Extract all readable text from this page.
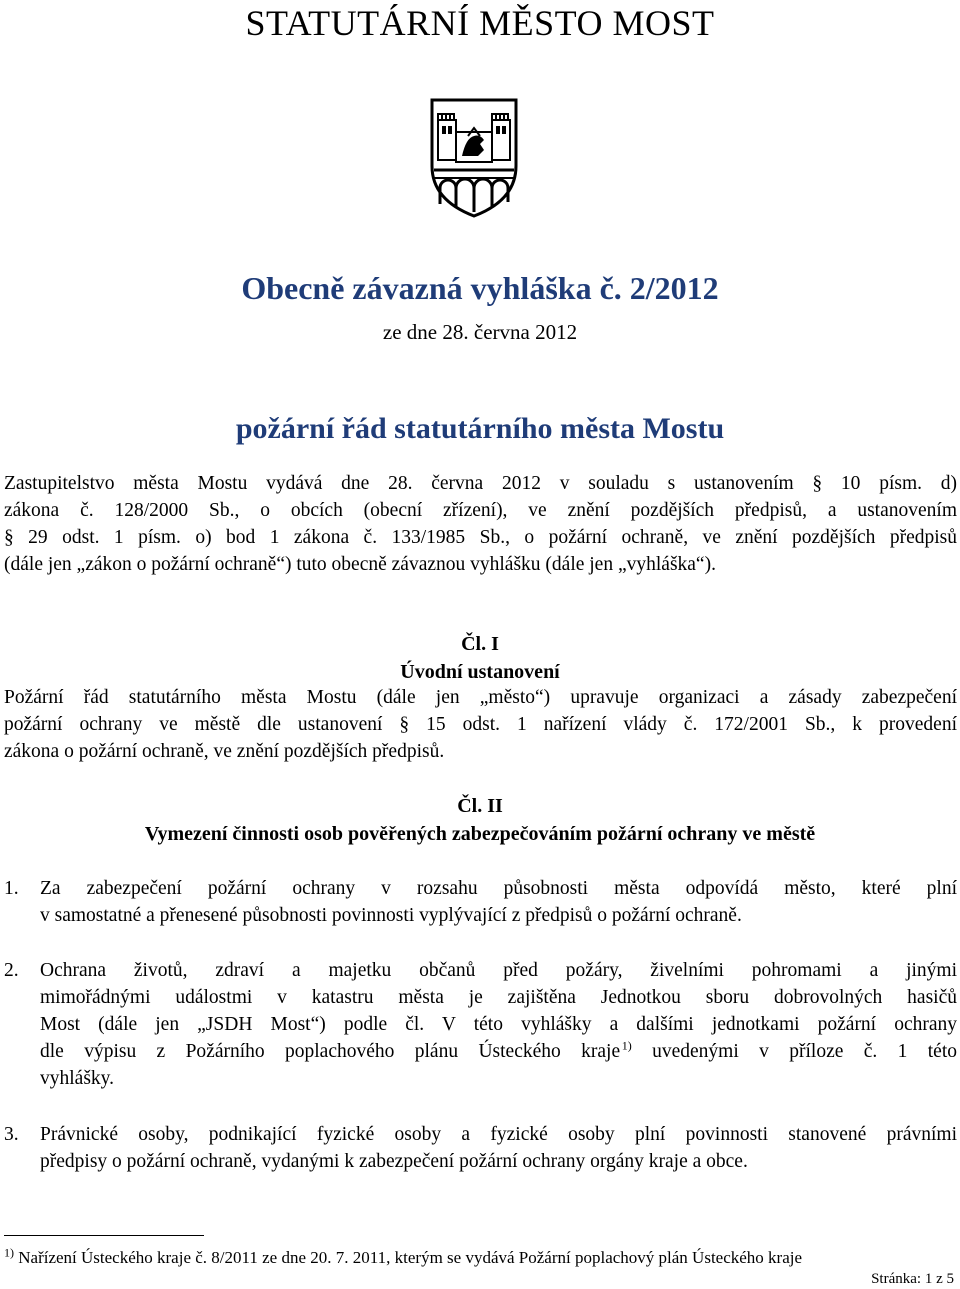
STATUTÁRNÍ MĚSTO MOST
Obecně závazná vyhláška č. 2/2012
ze dne 28. června 2012
požární řád statutárního města Mostu
Zastupitelstvo města Mostu vydává dne 28. června 2012 v souladu s ustanovením § 10 písm. d)
zákona č. 128/2000 Sb., o obcích (obecní zřízení), ve znění pozdějších předpisů, a ustanovením
§ 29 odst. 1 písm. o) bod 1 zákona č. 133/1985 Sb., o požární ochraně, ve znění pozdějších předpisů
(dále jen „zákon o požární ochraně“) tuto obecně závaznou vyhlášku (dále jen „vyhláška“).
Čl. I
Úvodní ustanovení
Požární řád statutárního města Mostu (dále jen „město“) upravuje organizaci a zásady zabezpečení
požární ochrany ve městě dle ustanovení § 15 odst. 1 nařízení vlády č. 172/2001 Sb., k provedení
zákona o požární ochraně, ve znění pozdějších předpisů.
Čl. II
Vymezení činnosti osob pověřených zabezpečováním požární ochrany ve městě
1.	Za zabezpečení požární ochrany v rozsahu působnosti města odpovídá město, které plní
v samostatné a přenesené působnosti povinnosti vyplývající z předpisů o požární ochraně.
2.	Ochrana životů, zdraví a majetku občanů před požáry, živelními pohromami a jinými
mimořádnými událostmi v katastru města je zajištěna Jednotkou sboru dobrovolných hasičů
Most (dále jen „JSDH Most“) podle čl. V této vyhlášky a dalšími jednotkami požární ochrany
dle výpisu z Požárního poplachového plánu Ústeckého kraje  $^{1)}$ uvedenými v příloze č. 1 této
vyhlášky.
3.	Právnické osoby, podnikající fyzické osoby a fyzické osoby plní povinnosti stanovené právními
předpisy o požární ochraně, vydanými k zabezpečení požární ochrany orgány kraje a obce.
$^{1)}$ Nařízení Ústeckého kraje č. 8/2011 ze dne 20. 7. 2011, kterým se vydává Požární poplachový plán Ústeckého kraje
Stránka: 1 z 5
